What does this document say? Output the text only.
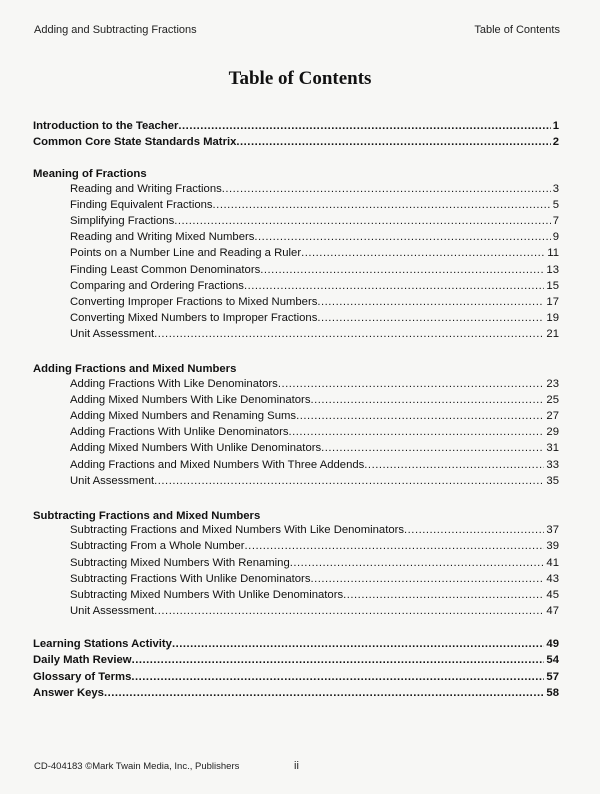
Adding and Subtracting Fractions	Table of Contents
Table of Contents
Introduction to the Teacher .....	1
Common Core State Standards Matrix .....	2
Meaning of Fractions
Reading and Writing Fractions .....	3
Finding Equivalent Fractions .....	5
Simplifying Fractions .....	7
Reading and Writing Mixed Numbers .....	9
Points on a Number Line and Reading a Ruler .....	11
Finding Least Common Denominators .....	13
Comparing and Ordering Fractions .....	15
Converting Improper Fractions to Mixed Numbers .....	17
Converting Mixed Numbers to Improper Fractions .....	19
Unit Assessment .....	21
Adding Fractions and Mixed Numbers
Adding Fractions With Like Denominators .....	23
Adding Mixed Numbers With Like Denominators .....	25
Adding Mixed Numbers and Renaming Sums .....	27
Adding Fractions With Unlike Denominators .....	29
Adding Mixed Numbers With Unlike Denominators .....	31
Adding Fractions and Mixed Numbers With Three Addends .....	33
Unit Assessment .....	35
Subtracting Fractions and Mixed Numbers
Subtracting Fractions and Mixed Numbers With Like Denominators .....	37
Subtracting From a Whole Number .....	39
Subtracting Mixed Numbers With Renaming .....	41
Subtracting Fractions With Unlike Denominators .....	43
Subtracting Mixed Numbers With Unlike Denominators .....	45
Unit Assessment .....	47
Learning Stations Activity .....	49
Daily Math Review .....	54
Glossary of Terms .....	57
Answer Keys .....	58
CD-404183 ©Mark Twain Media, Inc., Publishers	ii
